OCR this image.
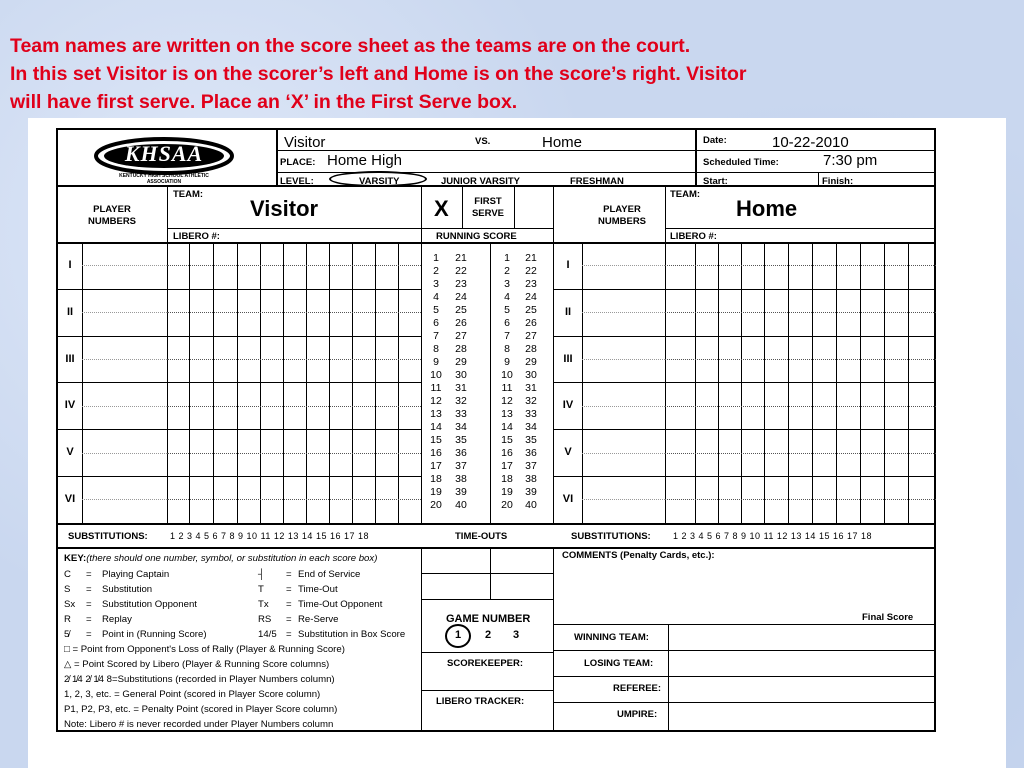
Team names are written on the score sheet as the teams are on the court.
In this set Visitor is on the scorer’s left and Home is on the score’s right. Visitor
will have first serve. Place an ‘X’ in the First Serve box.
KHSAA
KENTUCKY HIGH SCHOOL ATHLETIC ASSOCIATION
Visitor	VS.	Home	Date:	10-22-2010
PLACE: Home High	Scheduled Time:	7:30 pm
LEVEL:	VARSITY	JUNIOR VARSITY	FRESHMAN	Start:	Finish:
PLAYER
NUMBERS
TEAM:
Visitor	X	FIRST
SERVE
LIBERO #:	RUNNING SCORE
PLAYER
NUMBERS
TEAM:
Home
LIBERO #:
I	I
II	II
III	III
IV	IV
V	V
VI	VI
1	21	1	21
2	22	2	22
3	23	3	23
4	24	4	24
5	25	5	25
6	26	6	26
7	27	7	27
8	28	8	28
9	29	9	29
10	30	10	30
11	31	11	31
12	32	12	32
13	33	13	33
14	34	14	34
15	35	15	35
16	36	16	36
17	37	17	37
18	38	18	38
19	39	19	39
20	40	20	40
SUBSTITUTIONS: 1 2 3 4 5 6 7 8 9 10 11 12 13 14 15 16 17 18	TIME-OUTS	SUBSTITUTIONS: 1 2 3 4 5 6 7 8 9 10 11 12 13 14 15 16 17 18
KEY:(there should one number, symbol, or substitution in each score box)
C = Playing Captain
S = Substitution
Sx = Substitution Opponent
R = Replay
5̸ = Point in (Running Score)
┤ = End of Service
T = Time-Out
Tx = Time-Out Opponent
RS = Re-Serve
14/5 = Substitution in Box Score
□ = Point from Opponent's Loss of Rally (Player & Running Score)
△ = Point Scored by Libero (Player & Running Score columns)
2̸ 1̸4 2̸ 1̸4 8=Substitutions (recorded in Player Numbers column)
1, 2, 3, etc. = General Point (scored in Player Score column)
P1, P2, P3, etc. = Penalty Point (scored in Player Score column)
Note: Libero # is never recorded under Player Numbers column
COMMENTS (Penalty Cards, etc.):
GAME NUMBER
1 2 3
SCOREKEEPER:
LIBERO TRACKER:
Final Score
WINNING TEAM:
LOSING TEAM:
REFEREE:
UMPIRE:
